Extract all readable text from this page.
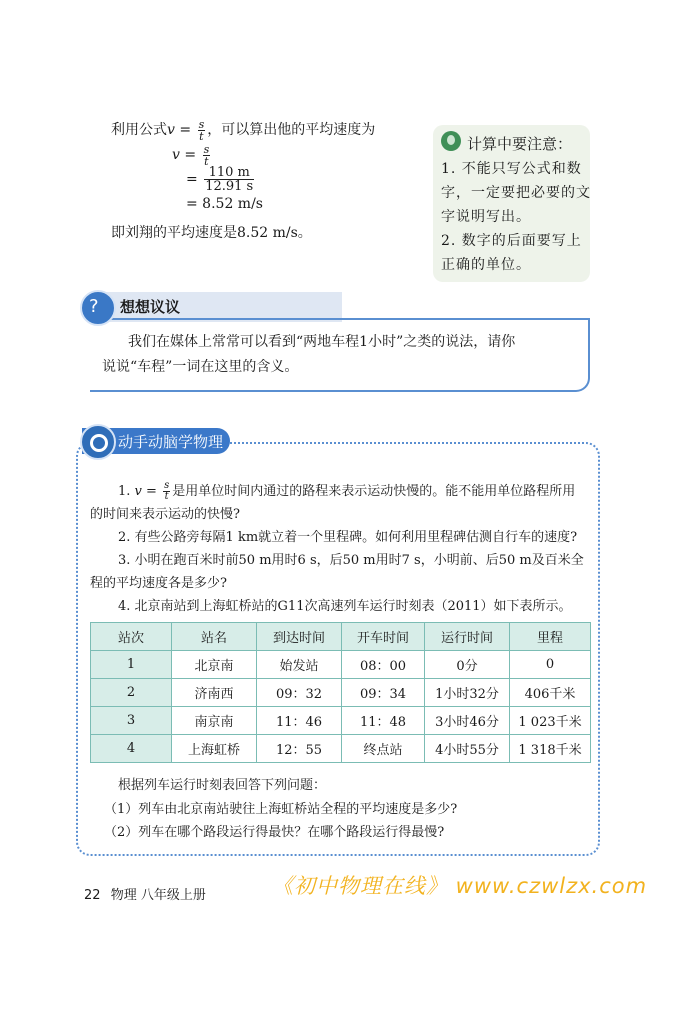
利用公式$v = \frac{s}{t}$ ，可以算出他的平均速度为
$v = \frac{s}{t}$
= $\frac{110 m}{12.91 s}$
= 8.52 m/s
即刘翔的平均速度是8.52 m/s。
计算中要注意：
1. 不能只写公式和数字，一定要把必要的文字说明写出。
2. 数字的后面要写上正确的单位。
? 想想议议
我们在媒体上常常可以看到“两地车程1小时”之类的说法，请你
说说“车程”一词在这里的含义。
动手动脑学物理
1. $v = \frac{s}{t}$ 是用单位时间内通过的路程来表示运动快慢的。能不能用单位路程所用
的时间来表示运动的快慢?
2. 有些公路旁每隔1 km就立着一个里程碑。如何利用里程碑估测自行车的速度?
3. 小明在跑百米时前50 m用时6 s，后50 m用时7 s，小明前、后50 m及百米全
程的平均速度各是多少?
4. 北京南站到上海虹桥站的G11次高速列车运行时刻表（2011）如下表所示。
站次	站名	到达时间	开车时间	运行时间	里程
1	北京南	始发站	08：00	0分	0
2	济南西	09：32	09：34	1小时32分	406千米
3	南京南	11：46	11：48	3小时46分	1 023千米
4	上海虹桥	12：55	终点站	4小时55分	1 318千米
根据列车运行时刻表回答下列问题：
（1）列车由北京南站驶往上海虹桥站全程的平均速度是多少?
（2）列车在哪个路段运行得最快？在哪个路段运行得最慢?
22 物理 八年级上册	《初中物理在线》 www.czwlzx.com
